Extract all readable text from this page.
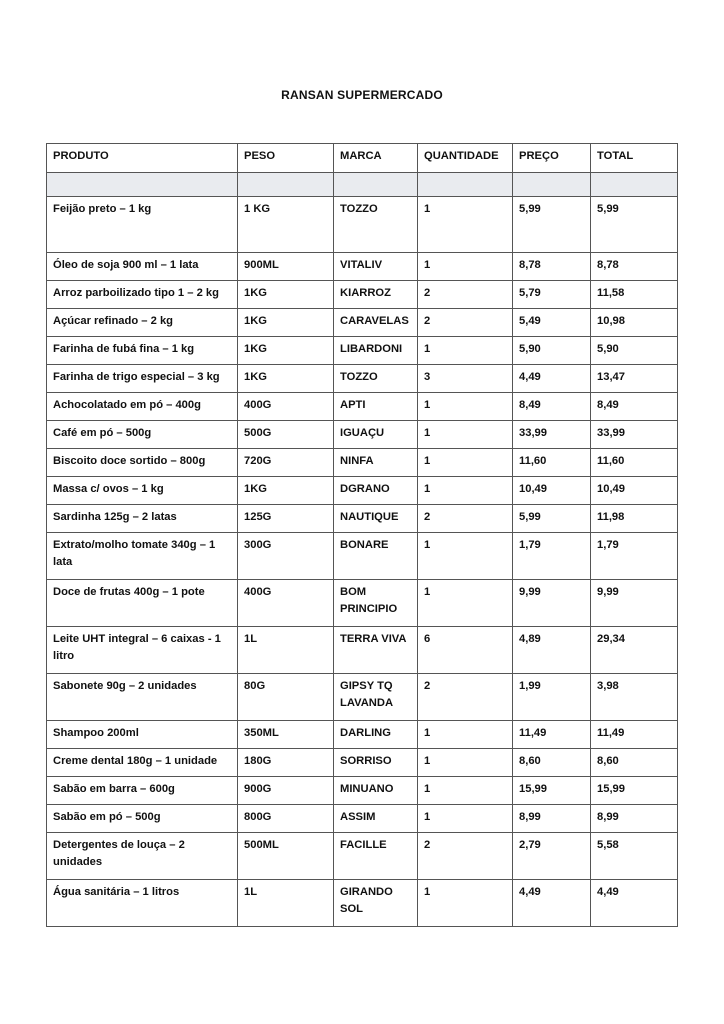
RANSAN SUPERMERCADO
PRODUTO	PESO	MARCA	QUANTIDADE	PREÇO	TOTAL

Feijão preto – 1 kg	1 KG	TOZZO	1	5,99	5,99
Óleo de soja 900 ml – 1 lata	900ML	VITALIV	1	8,78	8,78
Arroz parboilizado tipo 1 – 2 kg	1KG	KIARROZ	2	5,79	11,58
Açúcar refinado – 2 kg	1KG	CARAVELAS	2	5,49	10,98
Farinha de fubá fina – 1 kg	1KG	LIBARDONI	1	5,90	5,90
Farinha de trigo especial – 3 kg	1KG	TOZZO	3	4,49	13,47
Achocolatado em pó – 400g	400G	APTI	1	8,49	8,49
Café em pó – 500g	500G	IGUAÇU	1	33,99	33,99
Biscoito doce sortido – 800g	720G	NINFA	1	11,60	11,60
Massa c/ ovos – 1 kg	1KG	DGRANO	1	10,49	10,49
Sardinha 125g – 2 latas	125G	NAUTIQUE	2	5,99	11,98
Extrato/molho tomate 340g – 1 lata	300G	BONARE	1	1,79	1,79
Doce de frutas 400g – 1 pote	400G	BOM PRINCIPIO	1	9,99	9,99
Leite UHT integral – 6 caixas - 1 litro	1L	TERRA VIVA	6	4,89	29,34
Sabonete 90g – 2 unidades	80G	GIPSY TQ LAVANDA	2	1,99	3,98
Shampoo 200ml	350ML	DARLING	1	11,49	11,49
Creme dental 180g – 1 unidade	180G	SORRISO	1	8,60	8,60
Sabão em barra – 600g	900G	MINUANO	1	15,99	15,99
Sabão em pó – 500g	800G	ASSIM	1	8,99	8,99
Detergentes de louça – 2 unidades	500ML	FACILLE	2	2,79	5,58
Água sanitária – 1 litros	1L	GIRANDO SOL	1	4,49	4,49
